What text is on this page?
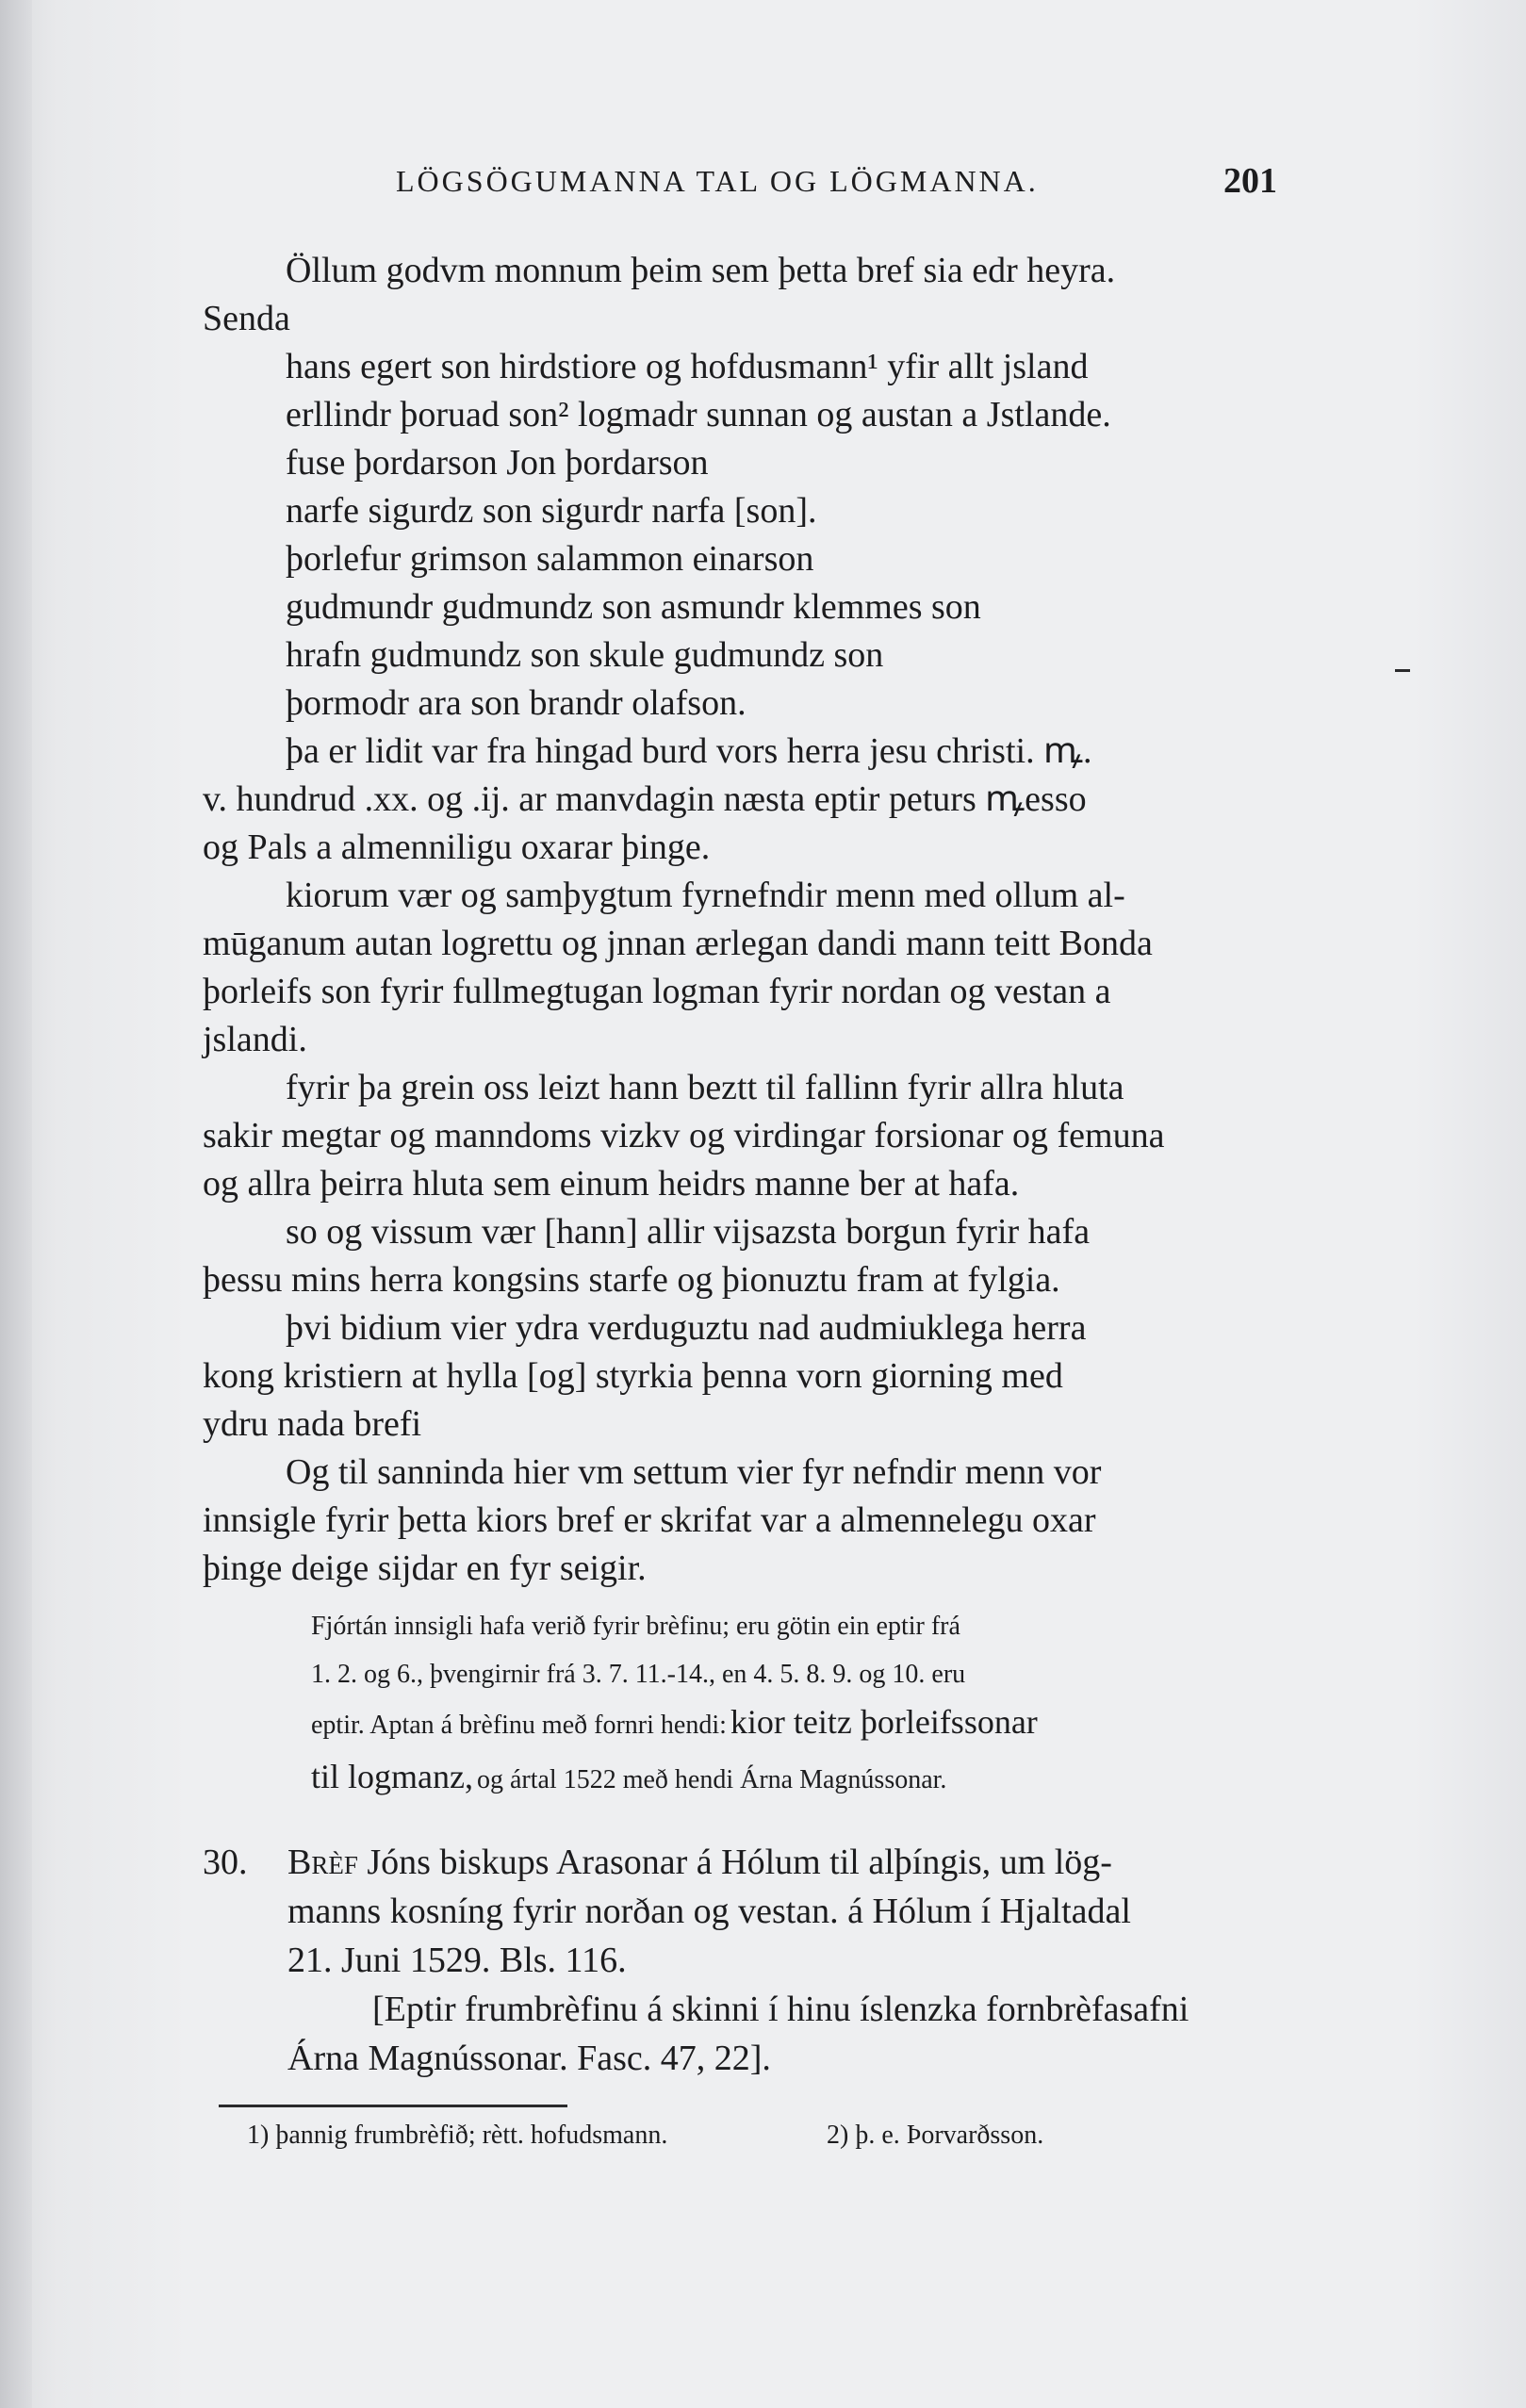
LÖGSÖGUMANNA TAL OG LÖGMANNA.	201
Öllum godvm monnum þeim sem þetta bref sia edr heyra.
Senda
hans egert son hirdstiore og hofdusmann¹ yfir allt jsland
erllindr þoruad son² logmadr sunnan og austan a Jstlande.
fuse þordarson Jon þordarson
narfe sigurdz son sigurdr narfa [son].
þorlefur grimson salammon einarson
gudmundr gudmundz son asmundr klemmes son
hrafn gudmundz son skule gudmundz son
þormodr ara son brandr olafson.
þa er lidit var fra hingad burd vors herra jesu christi. ꝳ.
v. hundrud .xx. og .ij. ar manvdagin næsta eptir peturs ꝳesso
og Pals a almenniligu oxarar þinge.
kiorum vær og samþygtum fyrnefndir menn med ollum al-
mūganum autan logrettu og jnnan ærlegan dandi mann teitt Bonda
þorleifs son fyrir fullmegtugan logman fyrir nordan og vestan a
jslandi.
fyrir þa grein oss leizt hann beztt til fallinn fyrir allra hluta
sakir megtar og manndoms vizkv og virdingar forsionar og femuna
og allra þeirra hluta sem einum heidrs manne ber at hafa.
so og vissum vær [hann] allir vijsazsta borgun fyrir hafa
þessu mins herra kongsins starfe og þionuztu fram at fylgia.
þvi bidium vier ydra verduguztu nad audmiuklega herra
kong kristiern at hylla [og] styrkia þenna vorn giorning med
ydru nada brefi
Og til sanninda hier vm settum vier fyr nefndir menn vor
innsigle fyrir þetta kiors bref er skrifat var a almennelegu oxar
þinge deige sijdar en fyr seigir.
Fjórtán innsigli hafa verið fyrir brèfinu; eru götin ein eptir frá
1. 2. og 6., þvengirnir frá 3. 7. 11.-14., en 4. 5. 8. 9. og 10. eru
eptir. Aptan á brèfinu með fornri hendi: kior teitz þorleifssonar
til logmanz, og ártal 1522 með hendi Árna Magnússonar.
30.	Brèf Jóns biskups Arasonar á Hólum til alþíngis, um lög-
manns kosníng fyrir norðan og vestan. á Hólum í Hjaltadal
21. Juni 1529. Bls. 116.
[Eptir frumbrèfinu á skinni í hinu íslenzka fornbrèfasafni
Árna Magnússonar. Fasc. 47, 22].
1) þannig frumbrèfið; rètt. hofudsmann.	2) þ. e. Þorvarðsson.
